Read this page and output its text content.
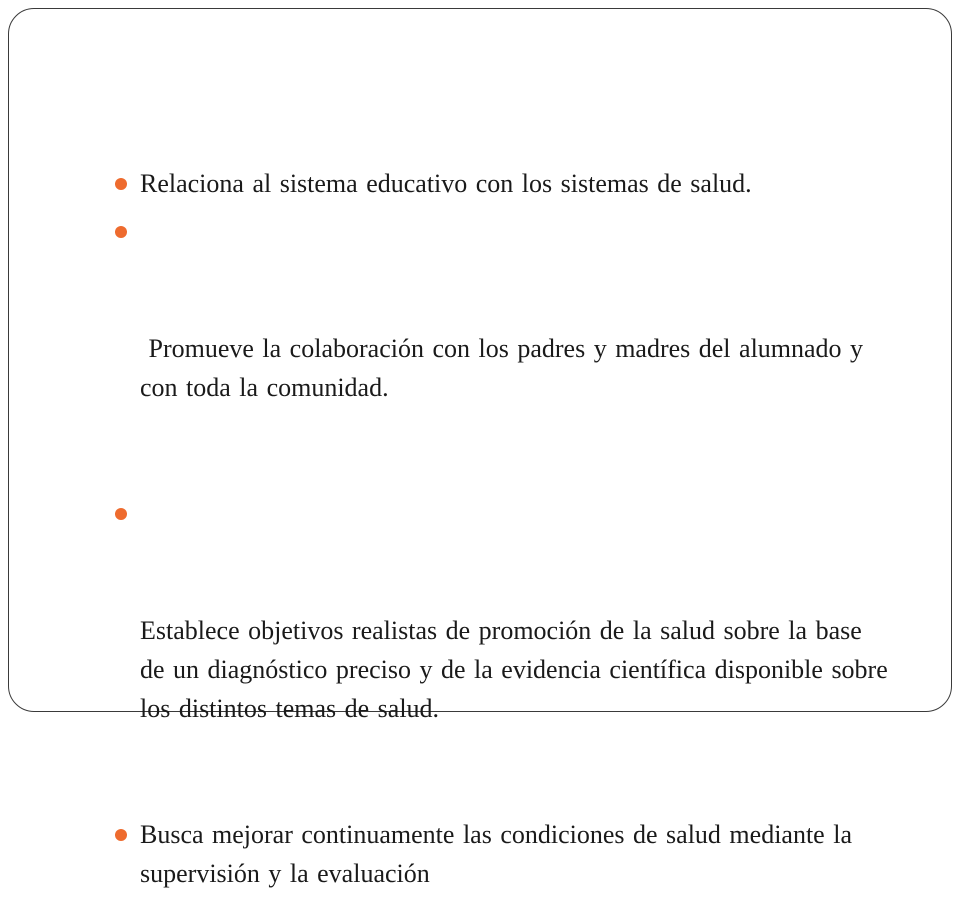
Relaciona al sistema educativo con los sistemas de salud.

Promueve la colaboración con los padres y madres del alumnado y con toda la comunidad.

Establece objetivos realistas de promoción de la salud sobre la base de un diagnóstico preciso y de la evidencia científica disponible sobre los distintos temas de salud.

Busca mejorar continuamente las condiciones de salud mediante la supervisión y la evaluación
